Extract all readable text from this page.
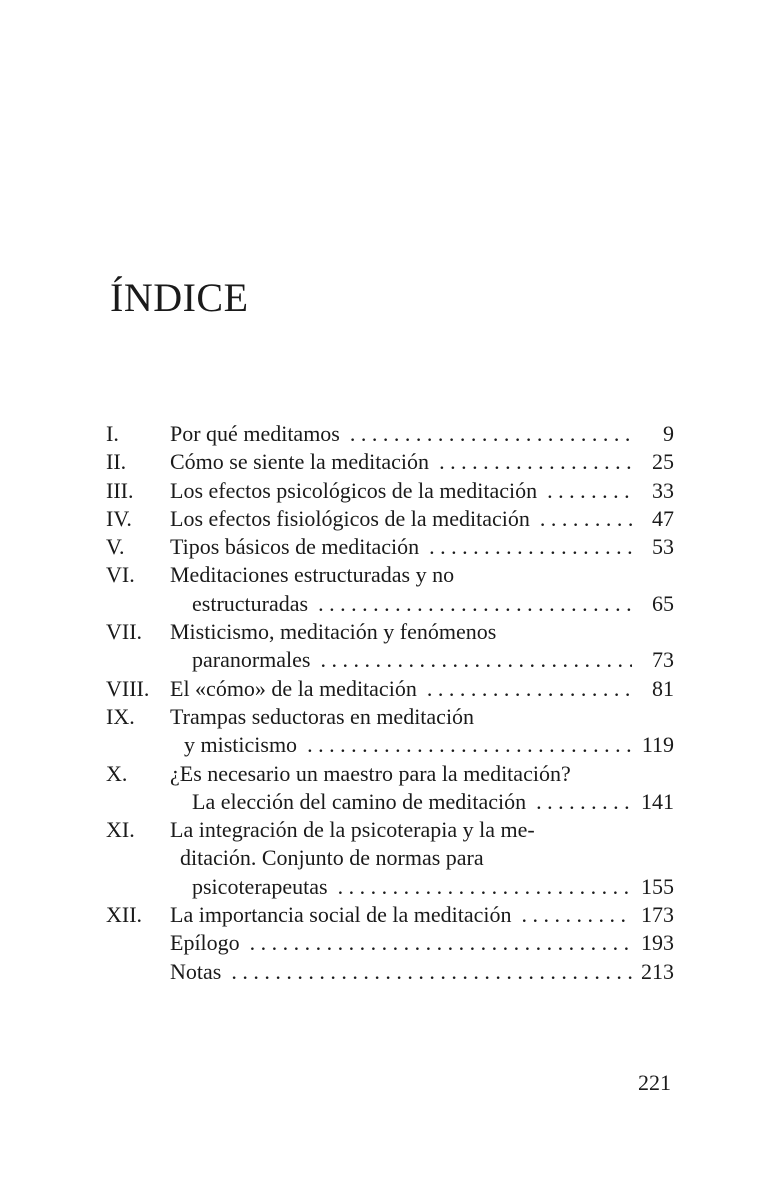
ÍNDICE
I. Por qué meditamos . . .	9
II. Cómo se siente la meditación . . .	25
III. Los efectos psicológicos de la meditación . . .	33
IV. Los efectos fisiológicos de la meditación . . .	47
V. Tipos básicos de meditación . . .	53
VI. Meditaciones estructuradas y no
estructuradas . . .	65
VII. Misticismo, meditación y fenómenos
paranormales . . .	73
VIII. El «cómo» de la meditación . . .	81
IX. Trampas seductoras en meditación
y misticismo . . .	119
X. ¿Es necesario un maestro para la meditación?
La elección del camino de meditación . . .	141
XI. La integración de la psicoterapia y la me-
ditación. Conjunto de normas para
psicoterapeutas . . .	155
XII. La importancia social de la meditación . . .	173
Epílogo . . .	193
Notas . . .	213
221
